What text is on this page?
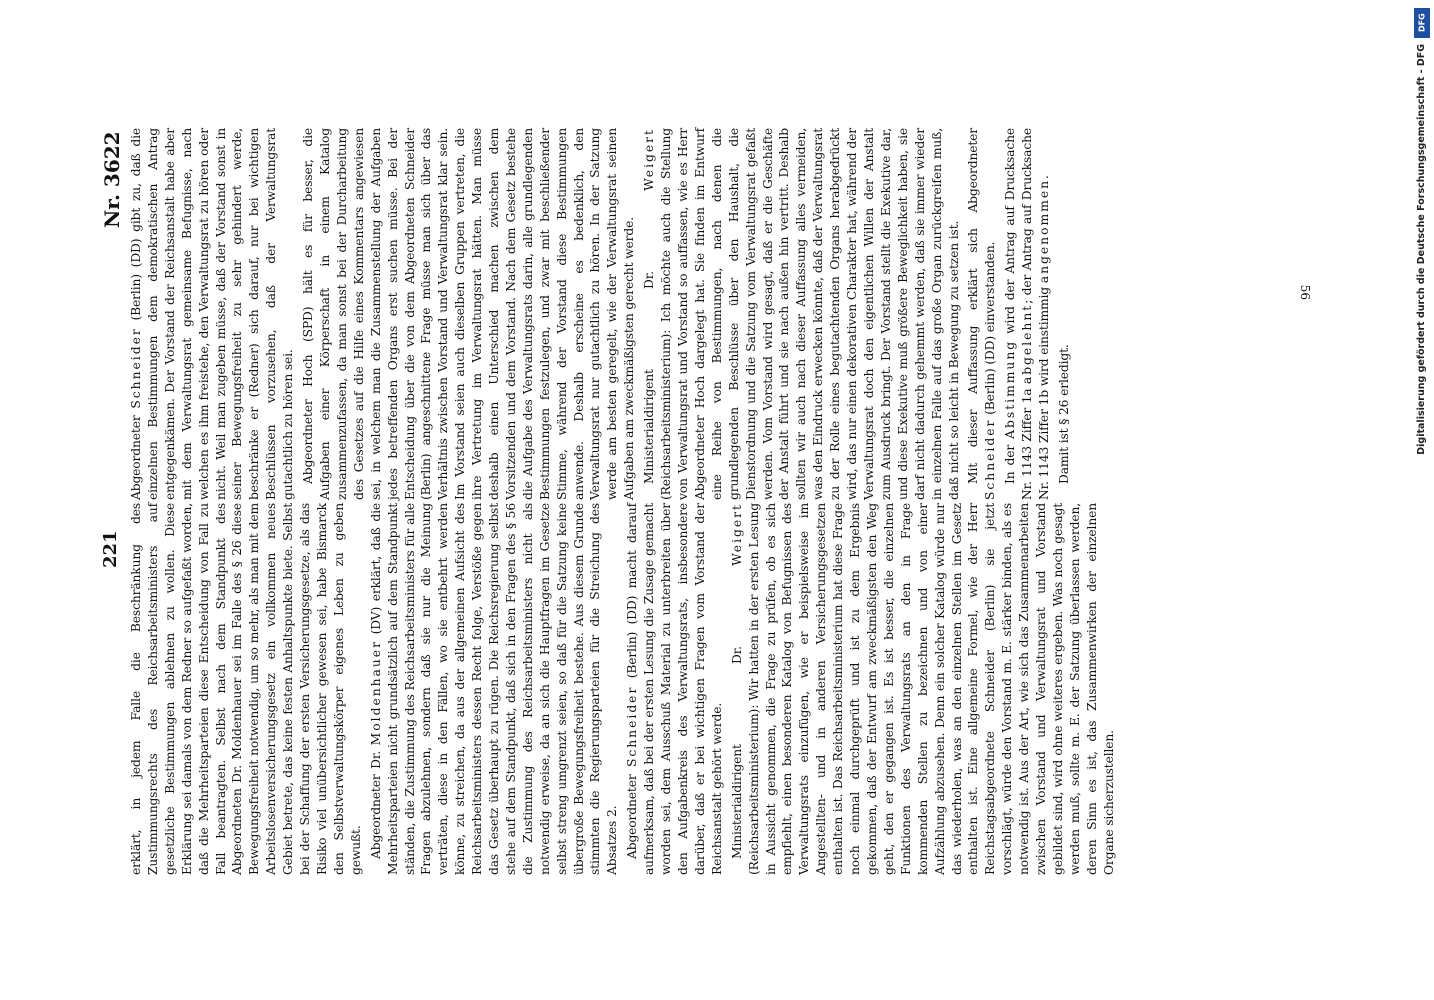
221
Nr. 3622

erklärt, in jedem Falle die Beschränkung des Zustimmungsrechts des Reichsarbeitsministers auf gesetzliche Bestimmungen ablehnen zu wollen. Diese Erklärung sei damals von dem Redner so aufgefaßt worden, daß die Mehrheitsparteien diese Entscheidung von Fall zu Fall beantragten. Selbst nach dem Standpunkt des Abgeordneten Dr. Moldenhauer sei im Falle des § 26 diese Bewegungsfreiheit notwendig, um so mehr, als man mit dem Arbeitslosenversicherungsgesetz ein vollkommen neues Gebiet betrete, das keine festen Anhaltspunkte biete. Selbst bei der Schaffung der ersten Versicherungsgesetze, als das Risiko viel unübersichtlicher gewesen sei, habe Bismarck den Selbstverwaltungskörper eigenes Leben zu geben gewußt. Abgeordneter Dr. Moldenhauer (DV) erklärt, daß die Mehrheitsparteien nicht grundsätzlich auf dem Standpunkt ständen, die Zustimmung des Reichsarbeitsministers für alle Fragen abzulehnen, sondern daß sie nur die Meinung verträten, diese in den Fällen, wo sie entbehrt werden könne, zu streichen, da aus der allgemeinen Aufsicht des Reichsarbeitsministers dessen Recht folge, Verstöße gegen das Gesetz überhaupt zu rügen. Die Reichsregierung selbst stehe auf dem Standpunkt, daß sich in den Fragen des § 56 die Zustimmung des Reichsarbeitsministers nicht als notwendig erweise, da an sich die Hauptfragen im Gesetze selbst streng umgrenzt seien, so daß für die Satzung keine übergroße Bewegungsfreiheit bestehe. Aus diesem Grunde stimmten die Regierungsparteien für die Streichung des Absatzes 2. Abgeordneter Schneider (Berlin) (DD) macht darauf aufmerksam, daß bei der ersten Lesung die Zusage gemacht worden sei, dem Ausschuß Material zu unterbreiten über den Aufgabenkreis des Verwaltungsrats, insbesondere darüber, daß er bei wichtigen Fragen vom Vorstand der Reichsanstalt gehört werde. Ministerialdirigent Dr. Weigert (Reichsarbeitsministerium): Wir hatten in der ersten Lesung in Aussicht genommen, die Frage zu prüfen, ob es sich empfiehlt, einen besonderen Katalog von Befugnissen des Verwaltungsrats einzufügen, wie er beispielsweise im Angestellten- und in anderen Versicherungsgesetzen enthalten ist. Das Reichsarbeitsministerium hat diese Frage noch einmal durchgeprüft und ist zu dem Ergebnis gekommen, daß der Entwurf am zweckmäßigsten den Weg geht, den er gegangen ist. Es ist besser, die einzelnen Funktionen des Verwaltungsrats an den in Frage kommenden Stellen zu bezeichnen und von einer Aufzählung abzusehen. Denn ein solcher Katalog würde nur das wiederholen, was an den einzelnen Stellen im Gesetz enthalten ist. Eine allgemeine Formel, wie der Herr Reichstagsabgeordnete Schneider (Berlin) sie jetzt vorschlägt, würde den Vorstand m. E. stärker binden, als es notwendig ist. Aus der Art, wie sich das Zusammenarbeiten zwischen Vorstand und Verwaltungsrat und Vorstand gebildet sind, wird ohne weiteres ergeben. Was noch gesagt werden muß, sollte m. E. der Satzung überlassen werden, deren Sinn es ist, das Zusammenwirken der einzelnen Organe sicherzustellen.

Abgeordneter Schneider (Berlin) (DD) gibt zu, daß die einzelnen Bestimmungen dem demokratischen Antrag entgegenkämen. Der Vorstand der Reichsanstalt habe aber mit dem Verwaltungsrat gemeinsame Befugnisse, nach welchen es ihm freistehe, den Verwaltungsrat zu hören oder nicht. Weil man zugeben müsse, daß der Vorstand sonst in seiner Bewegungsfreiheit zu sehr gehindert werde, beschränke er (Redner) sich darauf, nur bei wichtigen Beschlüssen vorzusehen, daß der Verwaltungsrat gutachtlich zu hören sei. Abgeordneter Hoch (SPD) hält es für besser, die Aufgaben einer Körperschaft in einem Katalog zusammenzufassen, da man sonst bei der Durcharbeitung des Gesetzes auf die Hilfe eines Kommentars angewiesen sei, in welchem man die Zusammenstellung der Aufgaben jedes betreffenden Organs erst suchen müsse. Bei der Entscheidung über die von dem Abgeordneten Schneider (Berlin) angeschnittene Frage müsse man sich über das Verhältnis zwischen Vorstand und Verwaltungsrat klar sein. Im Vorstand seien auch dieselben Gruppen vertreten, die ihre Vertretung im Verwaltungsrat hätten. Man müsse deshalb einen Unterschied machen zwischen dem Vorsitzenden und dem Vorstand. Nach dem Gesetz bestehe die Aufgabe des Verwaltungsrats darin, alle grundlegenden Bestimmungen festzulegen, und zwar mit beschließender Stimme, während der Vorstand diese Bestimmungen anwende. Deshalb erscheine es bedenklich, den Verwaltungsrat nur gutachtlich zu hören. In der Satzung werde am besten geregelt, wie der Verwaltungsrat seinen Aufgaben am zweckmäßigsten gerecht werde. Ministerialdirigent Dr. Weigert (Reichsarbeitsministerium): Ich möchte auch die Stellung von Verwaltungsrat und Vorstand so auffassen, wie es Herr Abgeordneter Hoch dargelegt hat. Sie finden im Entwurf eine Reihe von Bestimmungen, nach denen die grundlegenden Beschlüsse über den Haushalt, die Dienstordnung und die Satzung vom Verwaltungsrat gefaßt werden. Vom Vorstand wird gesagt, daß er die Geschäfte der Anstalt führt und sie nach außen hin vertritt. Deshalb sollten wir auch nach dieser Auffassung alles vermeiden, was den Eindruck erwecken könnte, daß der Verwaltungsrat zu der Rolle eines begutachtenden Organs herabgedrückt wird, das nur einen dekorativen Charakter hat, während der Verwaltungsrat doch den eigentlichen Willen der Anstalt zum Ausdruck bringt. Der Vorstand stellt die Exekutive dar, und diese Exekutive muß größere Beweglichkeit haben, sie darf nicht dadurch gehemmt werden, daß sie immer wieder in einzelnen Falle auf das große Organ zurückgreifen muß, daß nicht so leicht in Bewegung zu setzen ist. Mit dieser Auffassung erklärt sich Abgeordneter Schneider (Berlin) (DD) einverstanden.

In der Abstimmung wird der Antrag auf Drucksache Nr. 1143 Ziffer 1a abgelehnt; der Antrag auf Drucksache Nr. 1143 Ziffer 1b wird einstimmig angenommen.

Damit ist § 26 erledigt.

56
DFG
Digitalisierung gefördert durch die Deutsche Forschungsgemeinschaft - DFG
